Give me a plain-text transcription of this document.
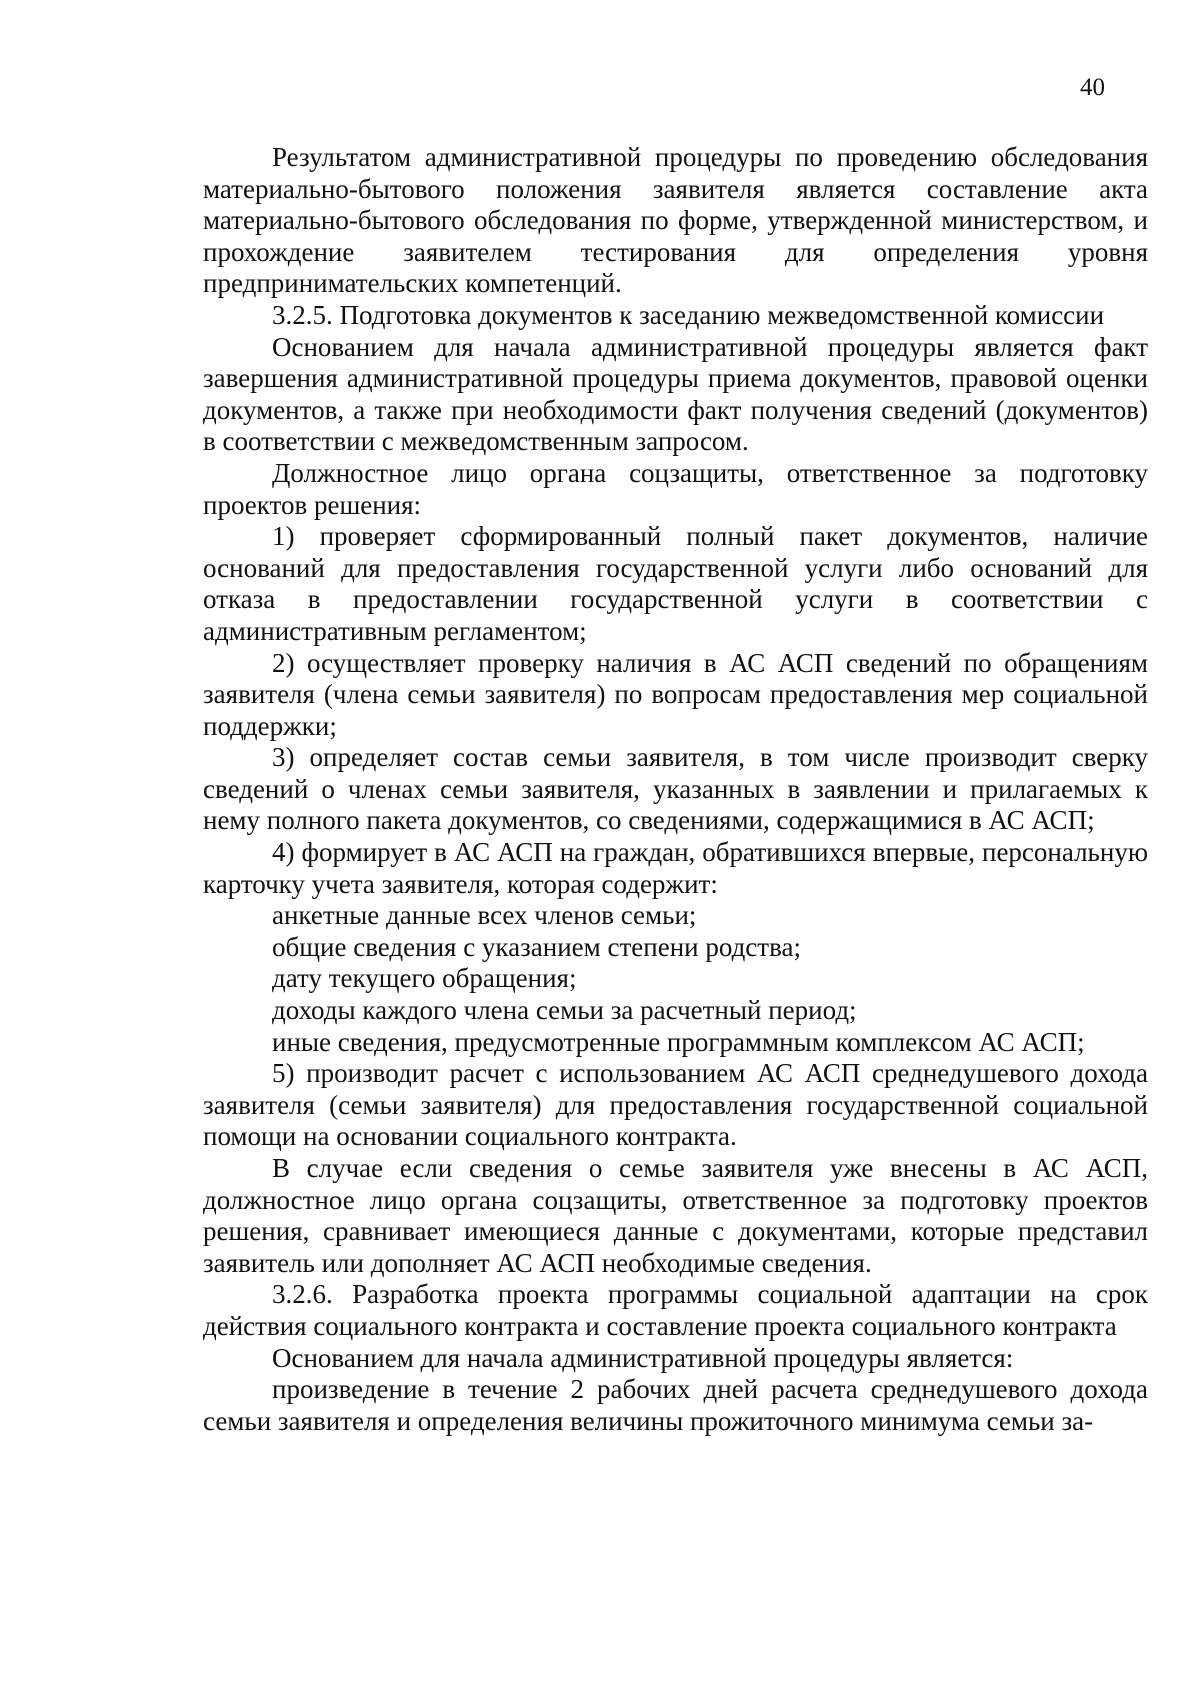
40

Результатом административной процедуры по проведению обследования материально-бытового положения заявителя является составление акта материально-бытового обследования по форме, утвержденной министерством, и прохождение заявителем тестирования для определения уровня предпринимательских компетенций.

3.2.5. Подготовка документов к заседанию межведомственной комиссии

Основанием для начала административной процедуры является факт завершения административной процедуры приема документов, правовой оценки документов, а также при необходимости факт получения сведений (документов) в соответствии с межведомственным запросом.

Должностное лицо органа соцзащиты, ответственное за подготовку проектов решения:

1) проверяет сформированный полный пакет документов, наличие оснований для предоставления государственной услуги либо оснований для отказа в предоставлении государственной услуги в соответствии с административным регламентом;

2) осуществляет проверку наличия в АС АСП сведений по обращениям заявителя (члена семьи заявителя) по вопросам предоставления мер социальной поддержки;

3) определяет состав семьи заявителя, в том числе производит сверку сведений о членах семьи заявителя, указанных в заявлении и прилагаемых к нему полного пакета документов, со сведениями, содержащимися в АС АСП;

4) формирует в АС АСП на граждан, обратившихся впервые, персональную карточку учета заявителя, которая содержит:

анкетные данные всех членов семьи;

общие сведения с указанием степени родства;

дату текущего обращения;

доходы каждого члена семьи за расчетный период;

иные сведения, предусмотренные программным комплексом АС АСП;

5) производит расчет с использованием АС АСП среднедушевого дохода заявителя (семьи заявителя) для предоставления государственной социальной помощи на основании социального контракта.

В случае если сведения о семье заявителя уже внесены в АС АСП, должностное лицо органа соцзащиты, ответственное за подготовку проектов решения, сравнивает имеющиеся данные с документами, которые представил заявитель или дополняет АС АСП необходимые сведения.

3.2.6. Разработка проекта программы социальной адаптации на срок действия социального контракта и составление проекта социального контракта

Основанием для начала административной процедуры является:

произведение в течение 2 рабочих дней расчета среднедушевого дохода семьи заявителя и определения величины прожиточного минимума семьи за-
